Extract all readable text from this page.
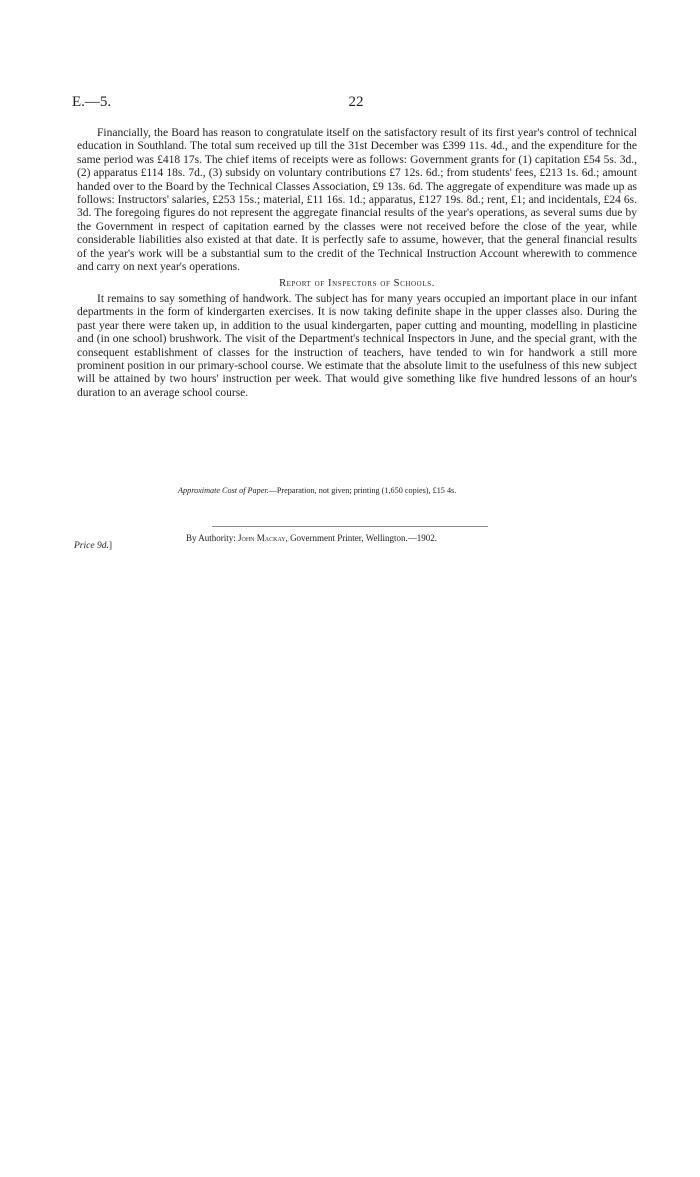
E.—5.	22

Financially, the Board has reason to congratulate itself on the satisfactory result of its first year's control of technical education in Southland. The total sum received up till the 31st December was £399 11s. 4d., and the expenditure for the same period was £418 17s. The chief items of receipts were as follows: Government grants for (1) capitation £54 5s. 3d., (2) apparatus £114 18s. 7d., (3) subsidy on voluntary contributions £7 12s. 6d.; from students' fees, £213 1s. 6d.; amount handed over to the Board by the Technical Classes Association, £9 13s. 6d. The aggregate of expenditure was made up as follows: Instructors' salaries, £253 15s.; material, £11 16s. 1d.; apparatus, £127 19s. 8d.; rent, £1; and incidentals, £24 6s. 3d. The foregoing figures do not represent the aggregate financial results of the year's operations, as several sums due by the Government in respect of capitation earned by the classes were not received before the close of the year, while considerable liabilities also existed at that date. It is perfectly safe to assume, however, that the general financial results of the year's work will be a substantial sum to the credit of the Technical Instruction Account wherewith to commence and carry on next year's operations.

Report of Inspectors of Schools.

It remains to say something of handwork. The subject has for many years occupied an important place in our infant departments in the form of kindergarten exercises. It is now taking definite shape in the upper classes also. During the past year there were taken up, in addition to the usual kindergarten, paper cutting and mounting, modelling in plasticine and (in one school) brushwork. The visit of the Department's technical Inspectors in June, and the special grant, with the consequent establishment of classes for the instruction of teachers, have tended to win for handwork a still more prominent position in our primary-school course. We estimate that the absolute limit to the usefulness of this new subject will be attained by two hours' instruction per week. That would give something like five hundred lessons of an hour's duration to an average school course.

Approximate Cost of Paper.—Preparation, not given; printing (1,650 copies), £15 4s.
By Authority: John Mackay, Government Printer, Wellington.—1902.
Price 9d.]
